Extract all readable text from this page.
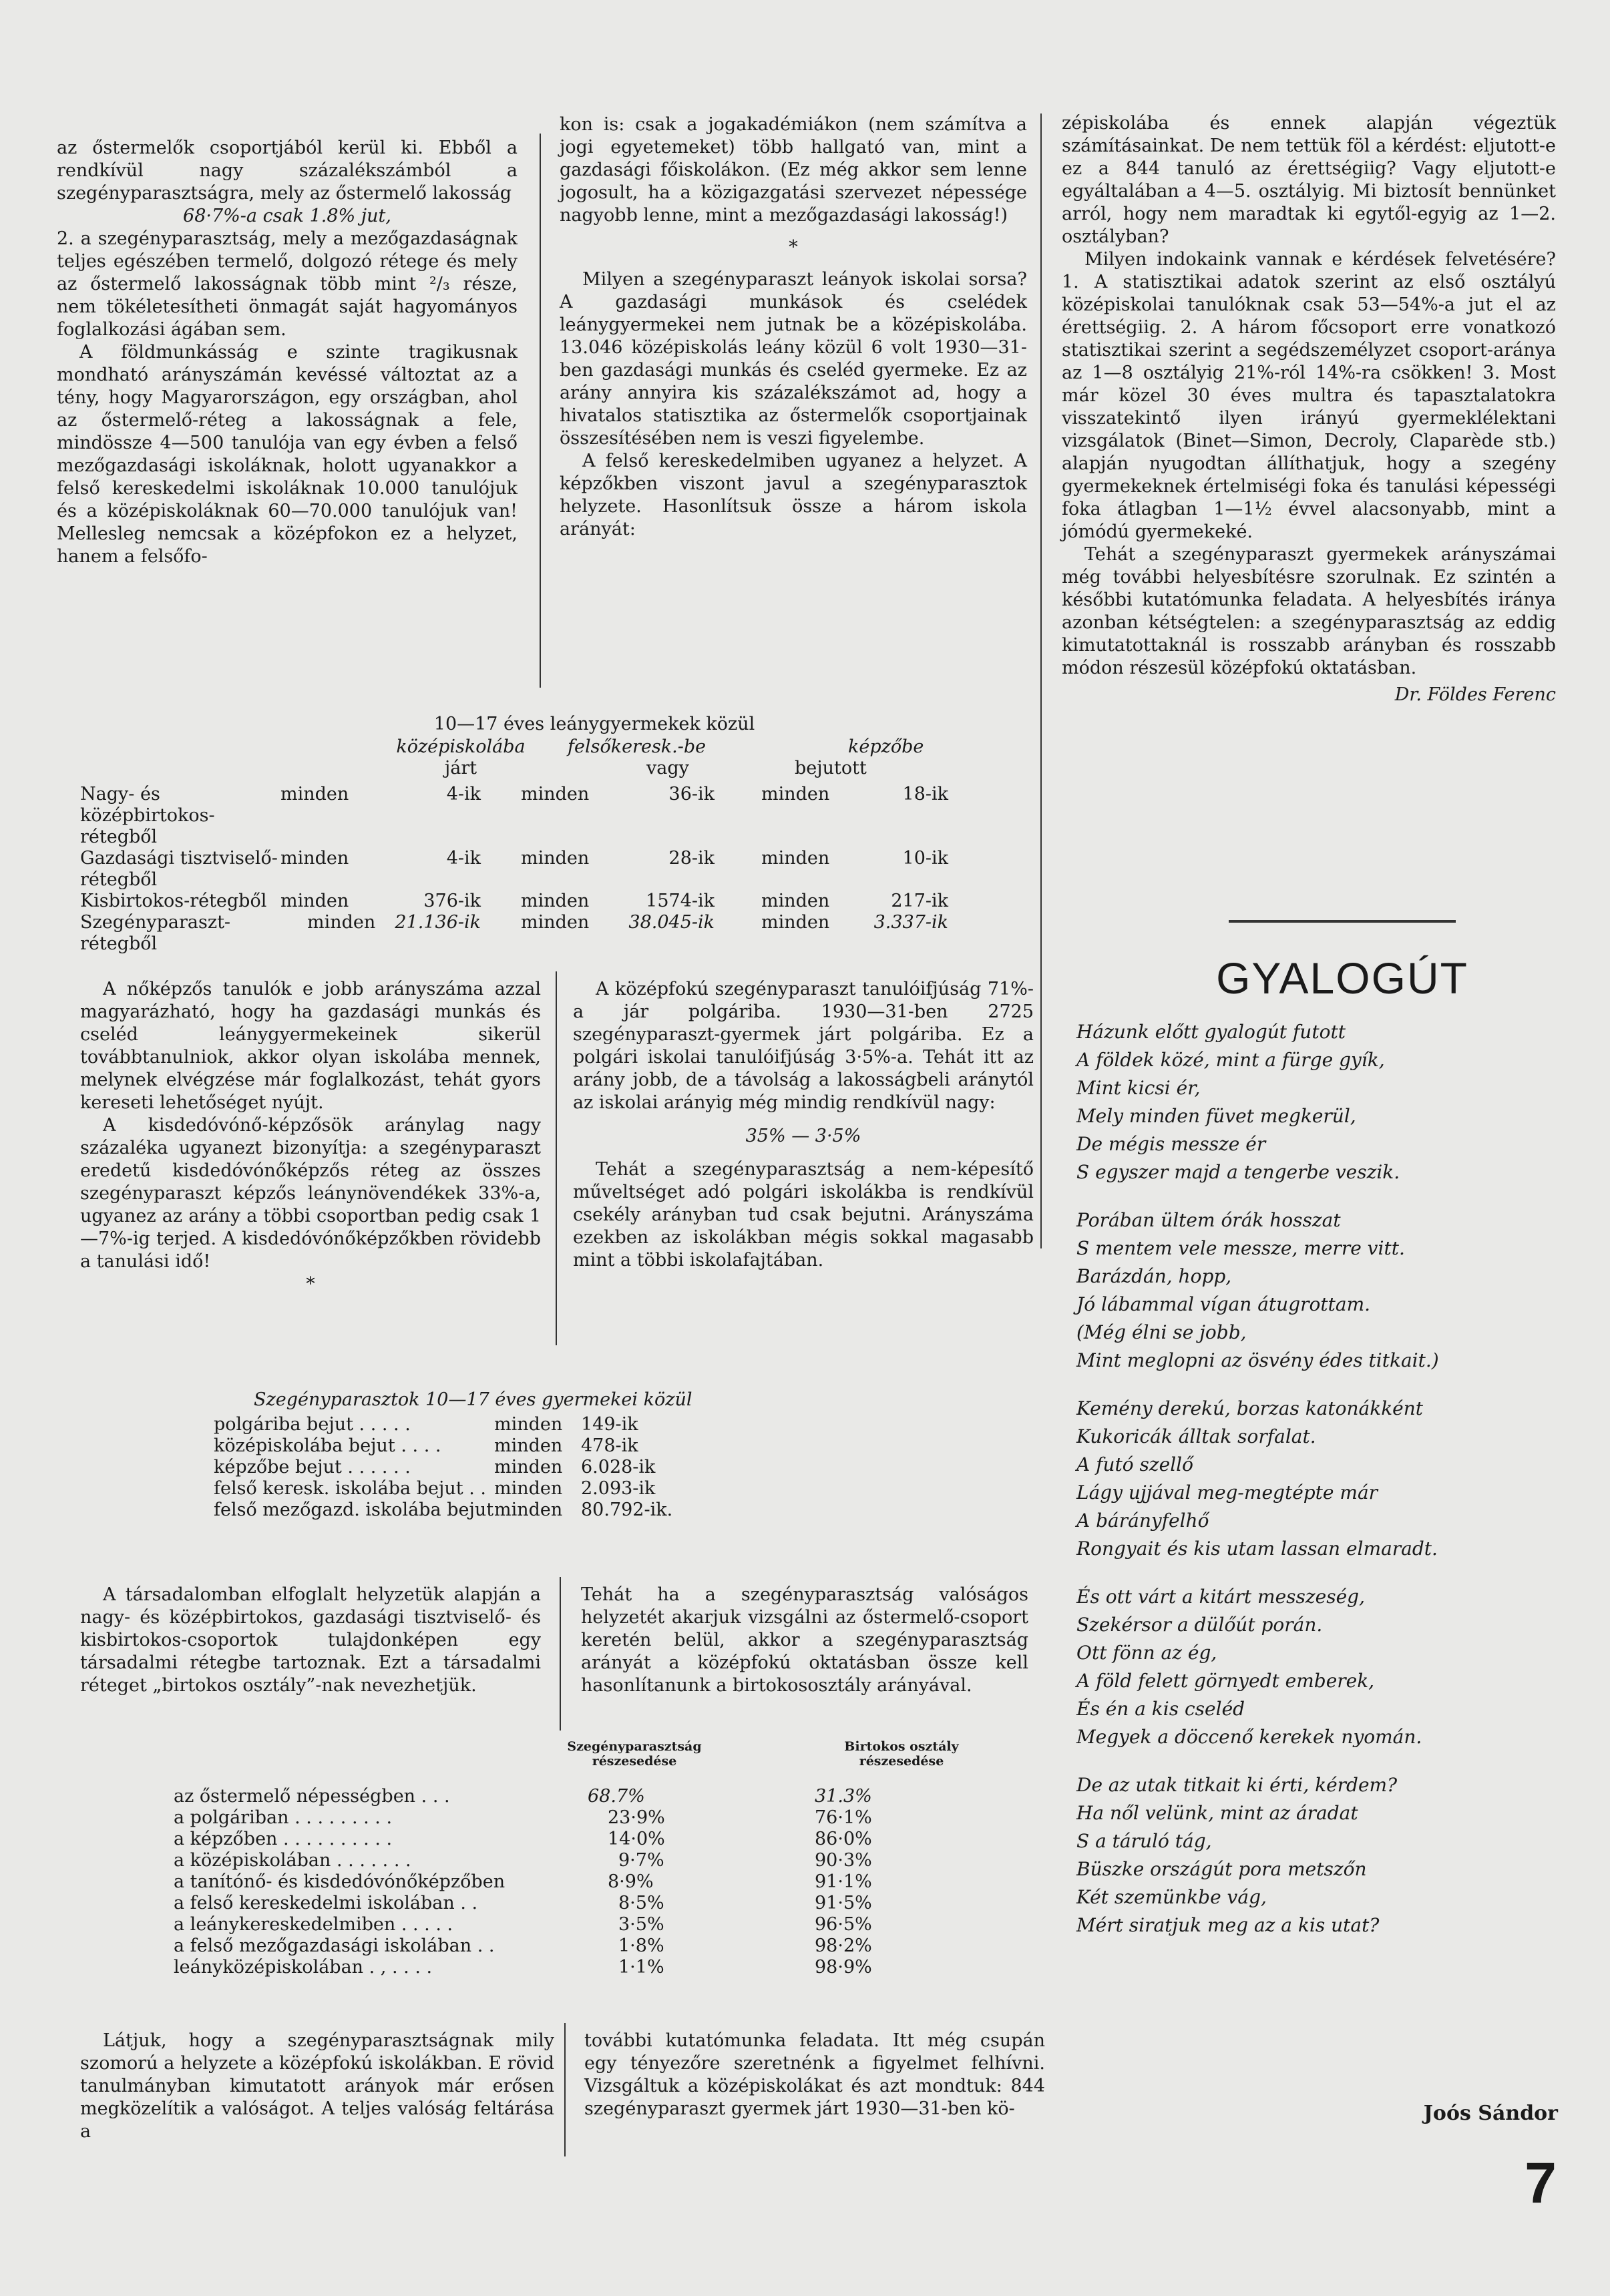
az őstermelők csoportjából kerül ki. Ebből a rendkívül nagy százalékszámból a szegényparasztságra, mely az őstermelő lakosság

68·7%-a csak 1.8% jut,

2. a szegényparasztság, mely a mezőgazdaságnak teljes egészében termelő, dolgozó rétege és mely az őstermelő lakosságnak több mint ²/₃ része, nem tökéletesítheti önmagát saját hagyományos foglalkozási ágában sem.

A földmunkásság e szinte tragikusnak mondható arányszámán kevéssé változtat az a tény, hogy Magyarországon, egy országban, ahol az őstermelő-réteg a lakosságnak a fele, mindössze 4—500 tanulója van egy évben a felső mezőgazdasági iskoláknak, holott ugyanakkor a felső kereskedelmi iskoláknak 10.000 tanulójuk és a középiskoláknak 60—70.000 tanulójuk van! Mellesleg nemcsak a középfokon ez a helyzet, hanem a felsőfo-

kon is: csak a jogakadémiákon (nem számítva a jogi egyetemeket) több hallgató van, mint a gazdasági főiskolákon. (Ez még akkor sem lenne jogosult, ha a közigazgatási szervezet népessége nagyobb lenne, mint a mezőgazdasági lakosság!)

*

Milyen a szegényparaszt leányok iskolai sorsa? A gazdasági munkások és cselédek leánygyermekei nem jutnak be a középiskolába. 13.046 középiskolás leány közül 6 volt 1930—31-ben gazdasági munkás és cseléd gyermeke. Ez az arány annyira kis százalékszámot ad, hogy a hivatalos statisztika az őstermelők csoportjainak összesítésében nem is veszi figyelembe.

A felső kereskedelmiben ugyanez a helyzet. A képzőkben viszont javul a szegényparasztok helyzete. Hasonlítsuk össze a három iskola arányát:

zépiskolába és ennek alapján végeztük számításainkat. De nem tettük föl a kérdést: eljutott-e ez a 844 tanuló az érettségiig? Vagy eljutott-e egyáltalában a 4—5. osztályig. Mi biztosít bennünket arról, hogy nem maradtak ki egytől-egyig az 1—2. osztályban?

Milyen indokaink vannak e kérdések felvetésére? 1. A statisztikai adatok szerint az első osztályú középiskolai tanulóknak csak 53—54%-a jut el az érettségiig. 2. A három főcsoport erre vonatkozó statisztikai szerint a segédszemélyzet csoport-aránya az 1—8 osztályig 21%-ról 14%-ra csökken! 3. Most már közel 30 éves multra és tapasztalatokra visszatekintő ilyen irányú gyermeklélektani vizsgálatok (Binet—Simon, Decroly, Claparède stb.) alapján nyugodtan állíthatjuk, hogy a szegény gyermekeknek értelmiségi foka és tanulási képességi foka átlagban 1—1½ évvel alacsonyabb, mint a jómódú gyermekeké.

Tehát a szegényparaszt gyermekek arányszámai még további helyesbítésre szorulnak. Ez szintén a későbbi kutatómunka feladata. A helyesbítés iránya azonban kétségtelen: a szegényparasztság az eddig kimutatottaknál is rosszabb arányban és rosszabb módon részesül középfokú oktatásban.

Dr. Földes Ferenc

10—17 éves leánygyermekek közül
középiskolába	felsőkeresk.-be	képzőbe
járt	vagy	bejutott
Nagy- és középbirtokos-rétegből	minden	4-ik	minden	36-ik	minden	18-ik
Gazdasági tisztviselő-rétegből	minden	4-ik	minden	28-ik	minden	10-ik
Kisbirtokos-rétegből	minden	376-ik	minden	1574-ik	minden	217-ik
Szegényparaszt-rétegből	minden	21.136-ik	minden	38.045-ik	minden	3.337-ik

A nőképzős tanulók e jobb arányszáma azzal magyarázható, hogy ha gazdasági munkás és cseléd leánygyermekeinek sikerül továbbtanulniok, akkor olyan iskolába mennek, melynek elvégzése már foglalkozást, tehát gyors kereseti lehetőséget nyújt.

A kisdedóvónő-képzősök aránylag nagy százaléka ugyanezt bizonyítja: a szegényparaszt eredetű kisdedóvónőképzős réteg az összes szegényparaszt képzős leánynövendékek 33%-a, ugyanez az arány a többi csoportban pedig csak 1—7%-ig terjed. A kisdedóvónőképzőkben rövidebb a tanulási idő!

*

A középfokú szegényparaszt tanulóifjúság 71%-a jár polgáriba. 1930—31-ben 2725 szegényparaszt-gyermek járt polgáriba. Ez a polgári iskolai tanulóifjúság 3·5%-a. Tehát itt az arány jobb, de a távolság a lakosságbeli aránytól az iskolai arányig még mindig rendkívül nagy:

35% — 3·5%

Tehát a szegényparasztság a nem-képesítő műveltséget adó polgári iskolákba is rendkívül csekély arányban tud csak bejutni. Arányszáma ezekben az iskolákban mégis sokkal magasabb mint a többi iskolafajtában.

Szegényparasztok 10—17 éves gyermekei közül
polgáriba bejut . . . . .	minden	149-ik
középiskolába bejut . . . .	minden	478-ik
képzőbe bejut . . . . . .	minden	6.028-ik
felső keresk. iskolába bejut . .	minden	2.093-ik
felső mezőgazd. iskolába bejut	minden	80.792-ik.

A társadalomban elfoglalt helyzetük alapján a nagy- és középbirtokos, gazdasági tisztviselő- és kisbirtokos-csoportok tulajdonképen egy társadalmi rétegbe tartoznak. Ezt a társadalmi réteget „birtokos osztály”-nak nevezhetjük.

Tehát ha a szegényparasztság valóságos helyzetét akarjuk vizsgálni az őstermelő-csoport keretén belül, akkor a szegényparasztság arányát a középfokú oktatásban össze kell hasonlítanunk a birtokososztály arányával.

Szegényparasztság részesedése
Birtokos osztály részesedése
az őstermelő népességben . . .	68.7%	31.3%
a polgáriban . . . . . . . . .	23·9%	76·1%
a képzőben . . . . . . . . . .	14·0%	86·0%
a középiskolában . . . . . . .	9·7%	90·3%
a tanítónő- és kisdedóvónőképzőben	8·9%	91·1%
a felső kereskedelmi iskolában . .	8·5%	91·5%
a leánykereskedelmiben . . . . .	3·5%	96·5%
a felső mezőgazdasági iskolában . .	1·8%	98·2%
leányközépiskolában . , . . . .	1·1%	98·9%

Látjuk, hogy a szegényparasztságnak mily szomorú a helyzete a középfokú iskolákban. E rövid tanulmányban kimutatott arányok már erősen megközelítik a valóságot. A teljes valóság feltárása a

további kutatómunka feladata. Itt még csupán egy tényezőre szeretnénk a figyelmet felhívni. Vizsgáltuk a középiskolákat és azt mondtuk: 844 szegényparaszt gyermek járt 1930—31-ben kö-

GYALOGÚT
Házunk előtt gyalogút futott
A földek közé, mint a fürge gyík,
Mint kicsi ér,
Mely minden füvet megkerül,
De mégis messze ér
S egyszer majd a tengerbe veszik.
Porában ültem órák hosszat
S mentem vele messze, merre vitt.
Barázdán, hopp,
Jó lábammal vígan átugrottam.
(Még élni se jobb,
Mint meglopni az ösvény édes titkait.)
Kemény derekú, borzas katonákként
Kukoricák álltak sorfalat.
A futó szellő
Lágy ujjával meg-megtépte már
A bárányfelhő
Rongyait és kis utam lassan elmaradt.
És ott várt a kitárt messzeség,
Szekérsor a dülőút porán.
Ott fönn az ég,
A föld felett görnyedt emberek,
És én a kis cseléd
Megyek a döccenő kerekek nyomán.
De az utak titkait ki érti, kérdem?
Ha nől velünk, mint az áradat
S a táruló tág,
Büszke országút pora metszőn
Két szemünkbe vág,
Mért siratjuk meg az a kis utat?
Joós Sándor
7
